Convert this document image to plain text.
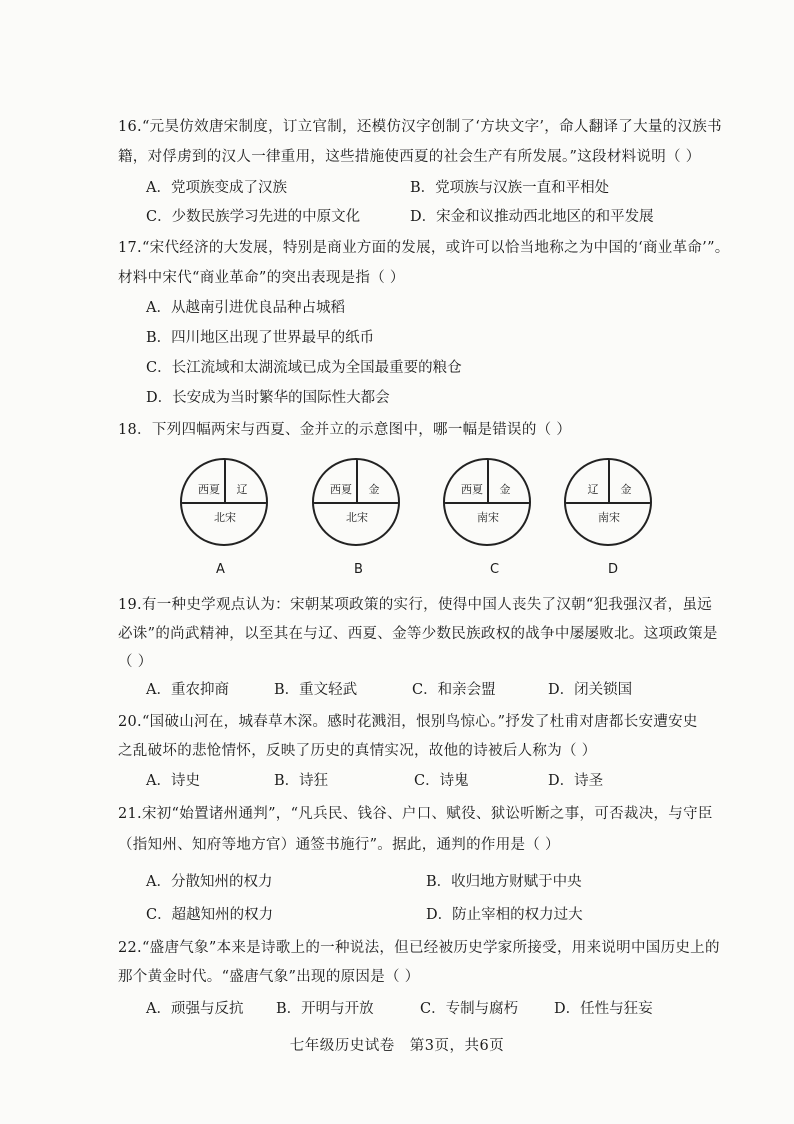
16.“元昊仿效唐宋制度，订立官制，还模仿汉字创制了‘方块文字’，命人翻译了大量的汉族书
籍，对俘虏到的汉人一律重用，这些措施使西夏的社会生产有所发展。”这段材料说明（ ）
A．党项族变成了汉族	B．党项族与汉族一直和平相处
C．少数民族学习先进的中原文化	D．宋金和议推动西北地区的和平发展
17.“宋代经济的大发展，特别是商业方面的发展，或许可以恰当地称之为中国的‘商业革命’”。
材料中宋代“商业革命”的突出表现是指（ ）
A．从越南引进优良品种占城稻
B．四川地区出现了世界最早的纸币
C．长江流域和太湖流域已成为全国最重要的粮仓
D．长安成为当时繁华的国际性大都会
18．下列四幅两宋与西夏、金并立的示意图中，哪一幅是错误的（ ）
西夏	辽
北宋
A
西夏	金
北宋
B
西夏	金
南宋
C
辽	金
南宋
D
19.有一种史学观点认为：宋朝某项政策的实行，使得中国人丧失了汉朝“犯我强汉者，虽远
必诛”的尚武精神，以至其在与辽、西夏、金等少数民族政权的战争中屡屡败北。这项政策是
（ ）
A．重农抑商	B．重文轻武	C．和亲会盟	D．闭关锁国
20.“国破山河在，城春草木深。感时花溅泪，恨别鸟惊心。”抒发了杜甫对唐都长安遭安史
之乱破坏的悲怆情怀，反映了历史的真情实况，故他的诗被后人称为（ ）
A．诗史	B．诗狂	C．诗鬼	D．诗圣
21.宋初“始置诸州通判”，“凡兵民、钱谷、户口、赋役、狱讼听断之事，可否裁决，与守臣
（指知州、知府等地方官）通签书施行”。据此，通判的作用是（ ）
A．分散知州的权力	B．收归地方财赋于中央
C．超越知州的权力	D．防止宰相的权力过大
22.“盛唐气象”本来是诗歌上的一种说法，但已经被历史学家所接受，用来说明中国历史上的
那个黄金时代。“盛唐气象”出现的原因是（ ）
A．顽强与反抗 B．开明与开放	C．专制与腐朽 D．任性与狂妄
七年级历史试卷　第3页，共6页
